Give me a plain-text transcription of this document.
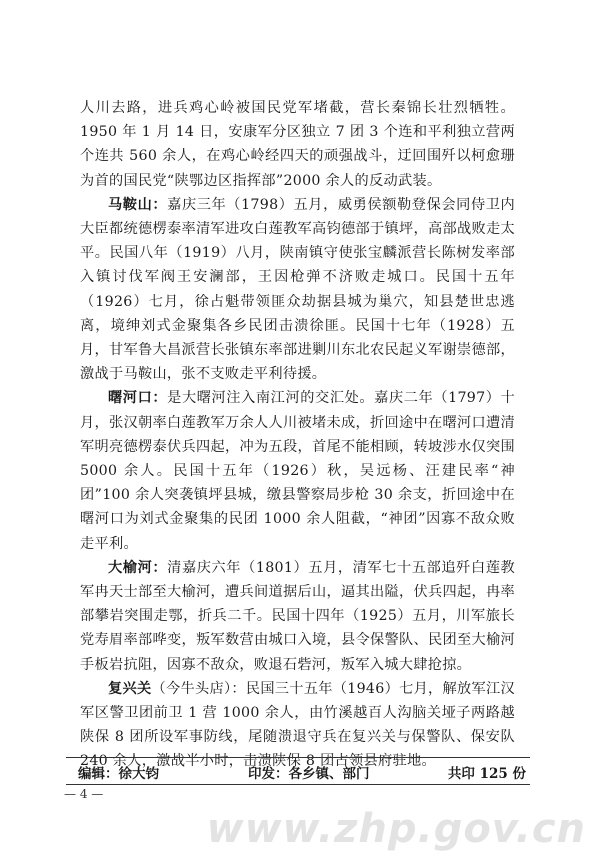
人川去路，进兵鸡心岭被国民党军堵截，营长秦锦长壮烈牺牲。1950 年 1 月 14 日，安康军分区独立 7 团 3 个连和平利独立营两个连共 560 余人，在鸡心岭经四天的顽强战斗，迂回围歼以柯愈珊为首的国民党“陕鄂边区指挥部”2000 余人的反动武装。

马鞍山：嘉庆三年（1798）五月，威勇侯额勒登保会同侍卫内大臣都统德楞泰率清军进攻白莲教军高钧德部于镇坪，高部战败走太平。民国八年（1919）八月，陕南镇守使张宝麟派营长陈树发率部入镇讨伐军阀王安澜部，王因枪弹不济败走城口。民国十五年（1926）七月，徐占魁带领匪众劫据县城为巢穴，知县楚世忠逃离，境绅刘式金聚集各乡民团击溃徐匪。民国十七年（1928）五月，甘军鲁大昌派营长张镇东率部进剿川东北农民起义军谢崇德部，激战于马鞍山，张不支败走平利待援。

曙河口：是大曙河注入南江河的交汇处。嘉庆二年（1797）十月，张汉朝率白莲教军万余人人川被堵未成，折回途中在曙河口遭清军明亮德楞泰伏兵四起，冲为五段，首尾不能相顾，转坡涉水仅突围 5000 余人。民国十五年（1926）秋，吴远杨、汪建民率“神团”100 余人突袭镇坪县城，缴县警察局步枪 30 余支，折回途中在曙河口为刘式金聚集的民团 1000 余人阻截，“神团”因寡不敌众败走平利。

大榆河：清嘉庆六年（1801）五月，清军七十五部追歼白莲教军冉天士部至大榆河，遭兵间道据后山，逼其出隘，伏兵四起，冉率部攀岩突围走鄂，折兵二千。民国十四年（1925）五月，川军旅长党寿眉率部哗变，叛军数营由城口入境，县令保警队、民团至大榆河手板岩抗阻，因寡不敌众，败退石砦河，叛军入城大肆抢掠。

复兴关（今牛头店）：民国三十五年（1946）七月，解放军江汉军区警卫团前卫 1 营 1000 余人，由竹溪越百人沟脑关垭子两路越陕保 8 团所设军事防线，尾随溃退守兵在复兴关与保警队、保安队 240 余人，激战半小时，击溃陕保 8 团占领县府驻地。

编辑：徐大钧	印发：各乡镇、部门	共印 125 份
— 4 —
www.zhp.gov.cn
